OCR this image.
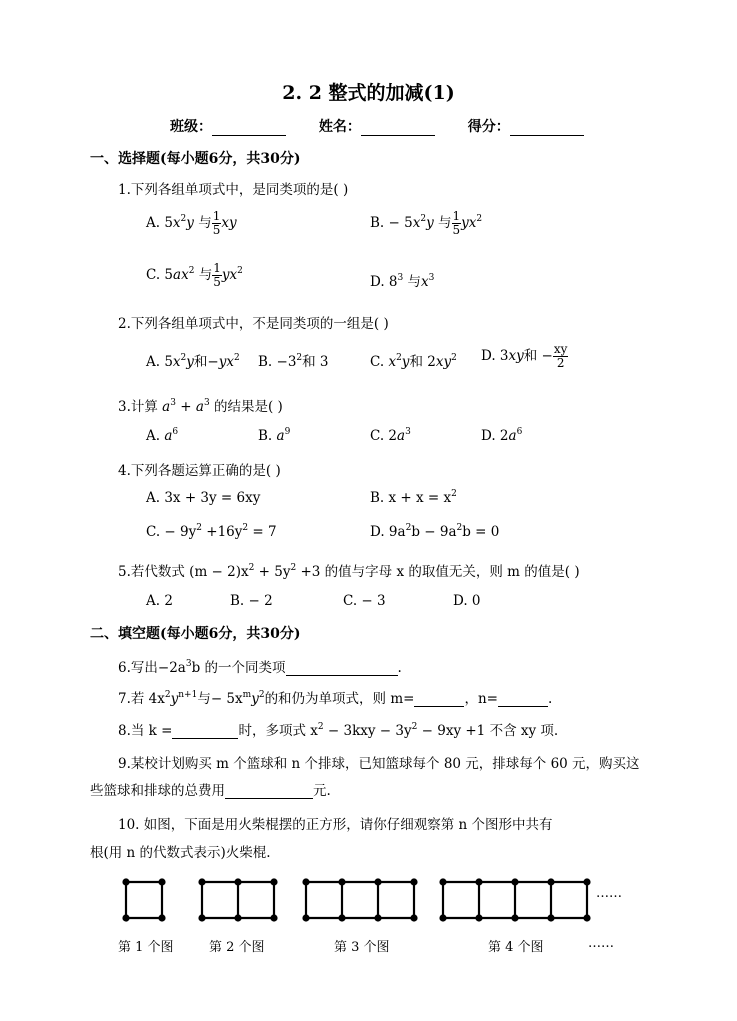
2. 2 整式的加减(1)
班级：	姓名：	得分：
一、选择题(每小题6分，共30分)
1.下列各组单项式中，是同类项的是( )
A. $5x^2y$ 与 $\frac{1}{5}$ xy	B. − $5x^2y$ 与 $\frac{1}{5} yx^2$
C. $5ax^2$ 与 $\frac{1}{5} yx^2$
D. $8^3$ 与$x^3$
2.下列各组单项式中，不是同类项的一组是( )
A. $5x^2y$和$-yx^2$ B. $-3^2$和 3	C. $x^2y$和 $2xy^2$ D. 3xy和 − $\frac{xy}{2}$
3.计算 $a^3 + a^3$ 的结果是( )
A. $a^6$	B. $a^9$	C. $2a^3$	D. $2a^6$
4.下列各题运算正确的是( )
A. 3x + 3y = 6xy	B. $x + x = x^2$
C. − $9y^2 +16y^2 = 7$	D. $9a^2b - 9a^2b = 0$
5.若代数式 $(m - 2)x^2 + 5y^2 +3$ 的值与字母 x 的取值无关，则 m 的值是( )
A. 2	B. − 2	C. − 3	D. 0
二、填空题(每小题6分，共30分)
6.写出$-2a^3b$ 的一个同类项	.
7.若 $4x^2y^{n+1}$与− $5x^my^2$的和仍为单项式，则 m=	，n=	.
8.当 k =	时，多项式 $x^2 - 3kxy - 3y^2 - 9xy +1$ 不含 xy 项.
9.某校计划购买 m 个篮球和 n 个排球，已知篮球每个 80 元，排球每个 60 元，购买这
些篮球和排球的总费用	元.
10. 如图，下面是用火柴棍摆的正方形，请你仔细观察第 n 个图形中共有
根(用 n 的代数式表示)火柴棍.
……
第 1 个图	第 2 个图	第 3 个图	第 4 个图	……
